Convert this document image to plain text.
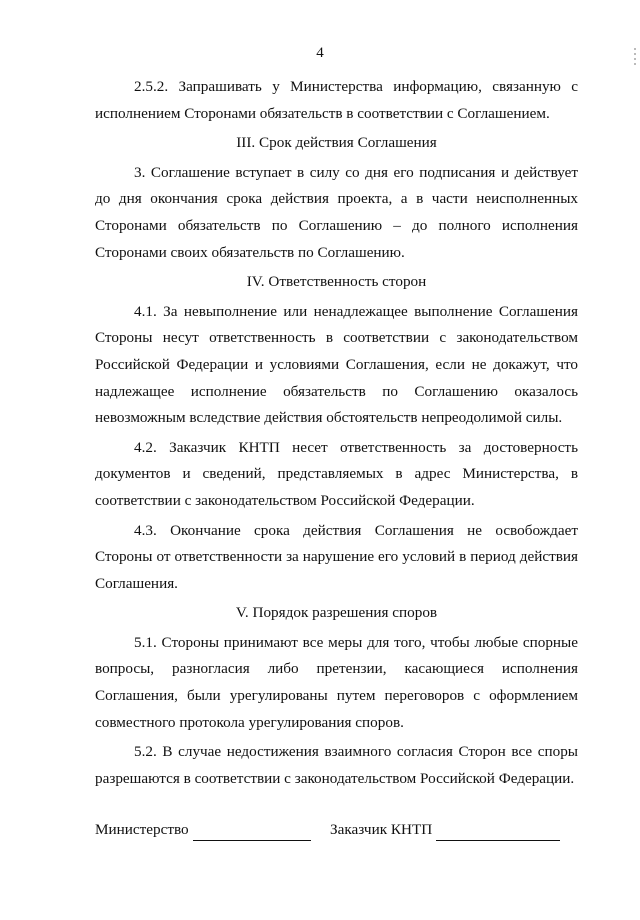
4

2.5.2. Запрашивать у Министерства информацию, связанную с исполнением Сторонами обязательств в соответствии с Соглашением.

III. Срок действия Соглашения

3. Соглашение вступает в силу со дня его подписания и действует до дня окончания срока действия проекта, а в части неисполненных Сторонами обязательств по Соглашению – до полного исполнения Сторонами своих обязательств по Соглашению.

IV. Ответственность сторон

4.1. За невыполнение или ненадлежащее выполнение Соглашения Стороны несут ответственность в соответствии с законодательством Российской Федерации и условиями Соглашения, если не докажут, что надлежащее исполнение обязательств по Соглашению оказалось невозможным вследствие действия обстоятельств непреодолимой силы.

4.2. Заказчик КНТП несет ответственность за достоверность документов и сведений, представляемых в адрес Министерства, в соответствии с законодательством Российской Федерации.

4.3. Окончание срока действия Соглашения не освобождает Стороны от ответственности за нарушение его условий в период действия Соглашения.

V. Порядок разрешения споров

5.1. Стороны принимают все меры для того, чтобы любые спорные вопросы, разногласия либо претензии, касающиеся исполнения Соглашения, были урегулированы путем переговоров с оформлением совместного протокола урегулирования споров.

5.2. В случае недостижения взаимного согласия Сторон все споры разрешаются в соответствии с законодательством Российской Федерации.

Министерство	Заказчик КНТП
